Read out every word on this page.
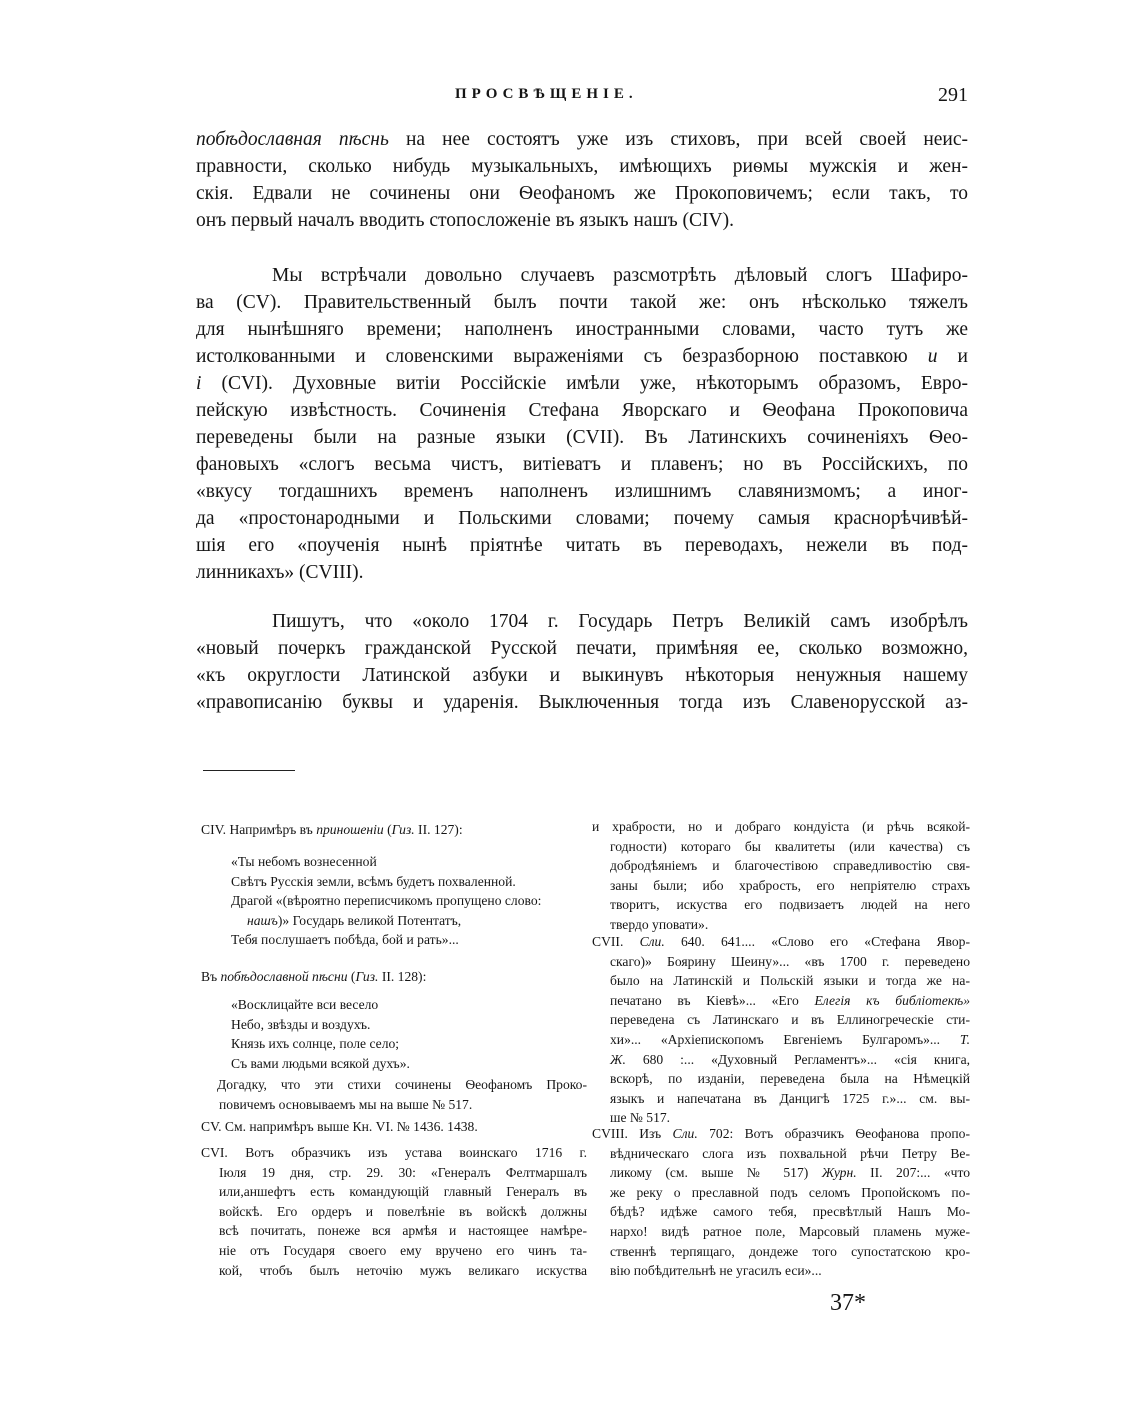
ПРОСВѢЩЕНІЕ.	291
побѣдославная пѣснь на нее состоятъ уже изъ стиховъ, при всей своей неис-
правности, сколько нибудь музыкальныхъ, имѣющихъ риѳмы мужскія и жен-
скія. Едвали не сочинены они Ѳеофаномъ же Прокоповичемъ; если такъ, то
онъ первый началъ вводить стопосложеніе въ языкъ нашъ (CIV).
Мы встрѣчали довольно случаевъ разсмотрѣть дѣловый слогъ Шафиро-
ва (CV). Правительственный былъ почти такой же: онъ нѣсколько тяжелъ
для нынѣшняго времени; наполненъ иностранными словами, часто тутъ же
истолкованными и словенскими выраженіями съ безразборною поставкою и и
і (CVI). Духовные витіи Россійскіе имѣли уже, нѣкоторымъ образомъ, Евро-
пейскую извѣстность. Сочиненія Стефана Яворскаго и Ѳеофана Прокоповича
переведены были на разные языки (CVII). Въ Латинскихъ сочиненіяхъ Ѳео-
фановыхъ «слогъ весьма чистъ, витіеватъ и плавенъ; но въ Россійскихъ, по
«вкусу тогдашнихъ временъ наполненъ излишнимъ славянизмомъ; а иног-
да «простонародными и Польскими словами; почему самыя краснорѣчивѣй-
шія его «поученія нынѣ пріятнѣе читать въ переводахъ, нежели въ под-
линникахъ» (CVIII).
Пишутъ, что «около 1704 г. Государь Петръ Великій самъ изобрѣлъ
«новый почеркъ гражданской Русской печати, примѣняя ее, сколько возможно,
«къ округлости Латинской азбуки и выкинувъ нѣкоторыя ненужныя нашему
«правописанію буквы и ударенія. Выключенныя тогда изъ Славенорусской аз-
CIV. Напримѣръ въ приношеніи (Гиз. II. 127):
«Ты небомъ вознесенной
Свѣтъ Русскія земли, всѣмъ будетъ похваленной.
Драгой «(вѣроятно переписчикомъ пропущено слово:
нашъ)» Государь великой Потентатъ,
Тебя послушаетъ побѣда, бой и рать»...
Въ побѣдославной пѣсни (Гиз. II. 128):
«Восклицайте вси весело
Небо, звѣзды и воздухъ.
Князь ихъ солнце, поле село;
Съ вами людьми всякой духъ».
Догадку, что эти стихи сочинены Ѳеофаномъ Проко-
повичемъ основываемъ мы на выше № 517.
CV. См. напримѣръ выше Кн. VI. № 1436. 1438.
CVI. Вотъ образчикъ изъ устава воинскаго 1716 г.
Іюля 19 дня, стр. 29. 30: «Генералъ Фелтмаршалъ
или,аншефтъ есть командующій главный Генералъ въ
войскѣ. Его ордеръ и повелѣніе въ войскѣ должны
всѣ почитать, понеже вся армѣя и настоящее намѣре-
ніе отъ Государя своего ему вручено его чинъ та-
кой, чтобъ былъ неточію мужъ великаго искуства
и храбрости, но и добраго кондуіста (и рѣчь всякой-
годности) котораго бы квалитеты (или качества) съ
добродѣяніемъ и благочестівою справедливостію свя-
заны были; ибо храбрость, его непріятелю страхъ
творитъ, искуства его подвизаетъ людей на него
твердо уповати».
CVII. Сли. 640. 641.... «Слово его «Стефана Явор-
скаго)» Боярину Шеину»... «въ 1700 г. переведено
было на Латинскій и Польскій языки и тогда же на-
печатано въ Кіевѣ»... «Его Елегія къ библіотекѣ»
переведена съ Латинскаго и въ Еллиногреческіе сти-
хи»... «Архіепископомъ Евгеніемъ Булгаромъ»... Т.
Ж. 680 :... «Духовный Регламентъ»... «сія книга,
вскорѣ, по изданіи, переведена была на Нѣмецкій
языкъ и напечатана въ Данцигѣ 1725 г.»... см. вы-
ше № 517.
CVIII. Изъ Сли. 702: Вотъ образчикъ Ѳеофанова пропо-
вѣдническаго слога изъ похвальной рѣчи Петру Ве-
ликому (см. выше № 517) Журн. II. 207:... «что
же реку о преславной подъ селомъ Пропойскомъ по-
бѣдѣ? идѣже самого тебя, пресвѣтлый Нашъ Мо-
нархо! видѣ ратное поле, Марсовый пламень муже-
ственнѣ терпящаго, дондеже того супостатскою кро-
вію побѣдительнѣ не угасилъ еси»...
37*
